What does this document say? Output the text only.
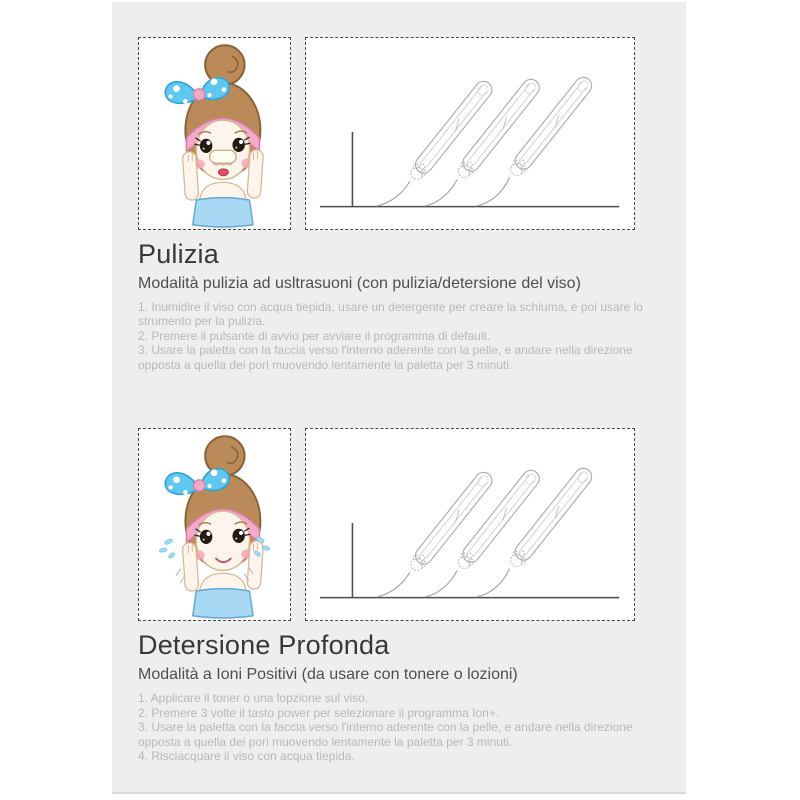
Pulizia
Modalità pulizia ad usltrasuoni (con pulizia/detersione del viso)
1. Inumidire il viso con acqua tiepida, usare un detergente per creare la schiuma, e poi usare lo strumento per la pulizia.
2. Premere il pulsante di avvio per avviare il programma di default.
3. Usare la paletta con la faccia verso l'interno aderente con la pelle, e andare nella direzione opposta a quella dei pori muovendo lentamente la paletta per 3 minuti.
Detersione Profonda
Modalità a Ioni Positivi (da usare con tonere o lozioni)
1. Applicare il toner o una lopzione sul viso.
2. Premere 3 volte il tasto power per selezionare il programma Ion+.
3. Usare la paletta con la faccia verso l'interno aderente con la pelle, e andare nella direzione opposta a quella dei pori muovendo lentamente la paletta per 3 minuti.
4. Risciacquare il viso con acqua tiepida.
